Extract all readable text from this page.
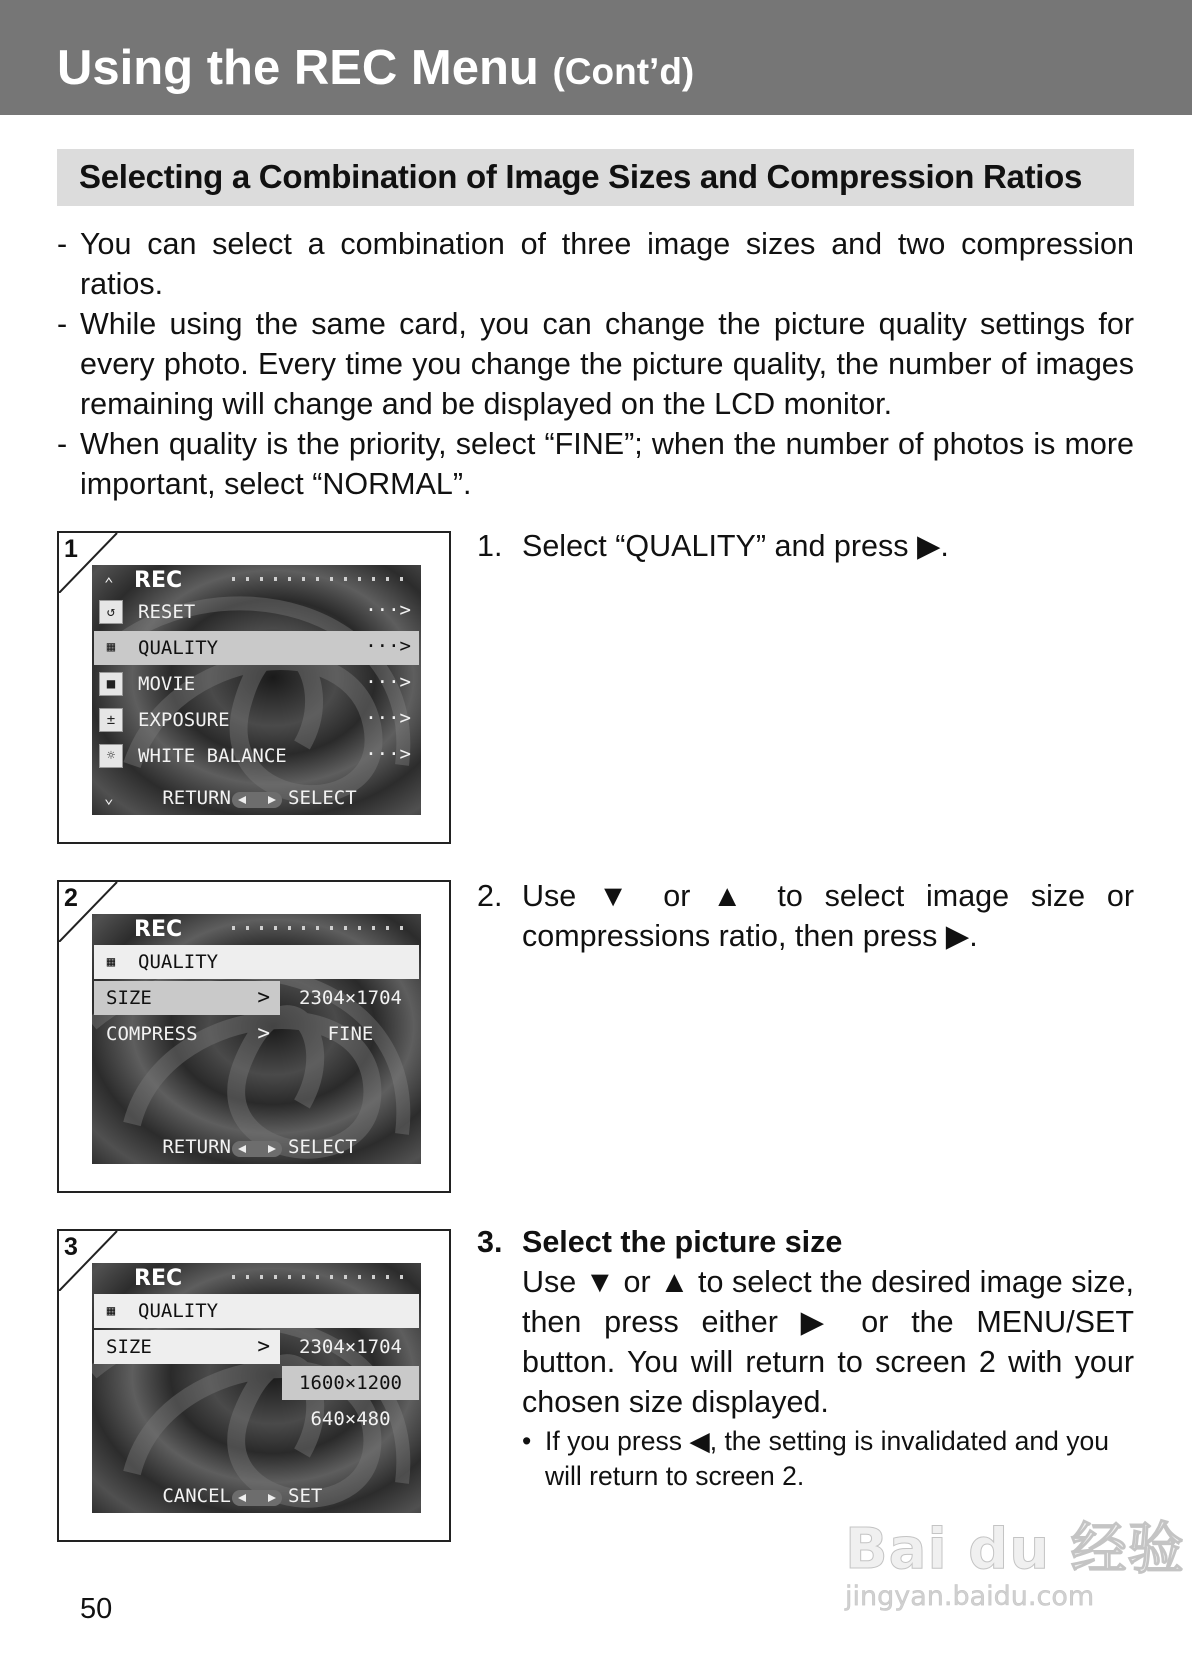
Using the REC Menu (Cont’d)
Selecting a Combination of Image Sizes and Compression Ratios
- You can select a combination of three image sizes and two compression ratios.
- While using the same card, you can change the picture quality settings for every photo. Every time you change the picture quality, the number of images remaining will change and be displayed on the LCD monitor.
- When quality is the priority, select “FINE”; when the number of photos is more important, select “NORMAL”.
1
⌃ REC
↺	RESET	···>
▦	QUALITY	···>
■	MOVIE	···>
±	EXPOSURE	···>
☼	WHITE BALANCE	···>
⌄	RETURN	SELECT
2
REC
▦	QUALITY
SIZE	>	2304×1704
COMPRESS	>	FINE
RETURN	SELECT
3
REC
▦	QUALITY
SIZE	>	2304×1704
1600×1200
640×480
CANCEL	SET
1. Select “QUALITY” and press ▶.
2. Use ▼ or ▲ to select image size or compressions ratio, then press ▶.
3. Select the picture size
Use ▼ or ▲ to select the desired image size, then press either ▶ or the MENU/SET button. You will return to screen 2 with your chosen size displayed.
• If you press ◀, the setting is invalidated and you will return to screen 2.
50
Bai du 经验
jingyan.baidu.com
